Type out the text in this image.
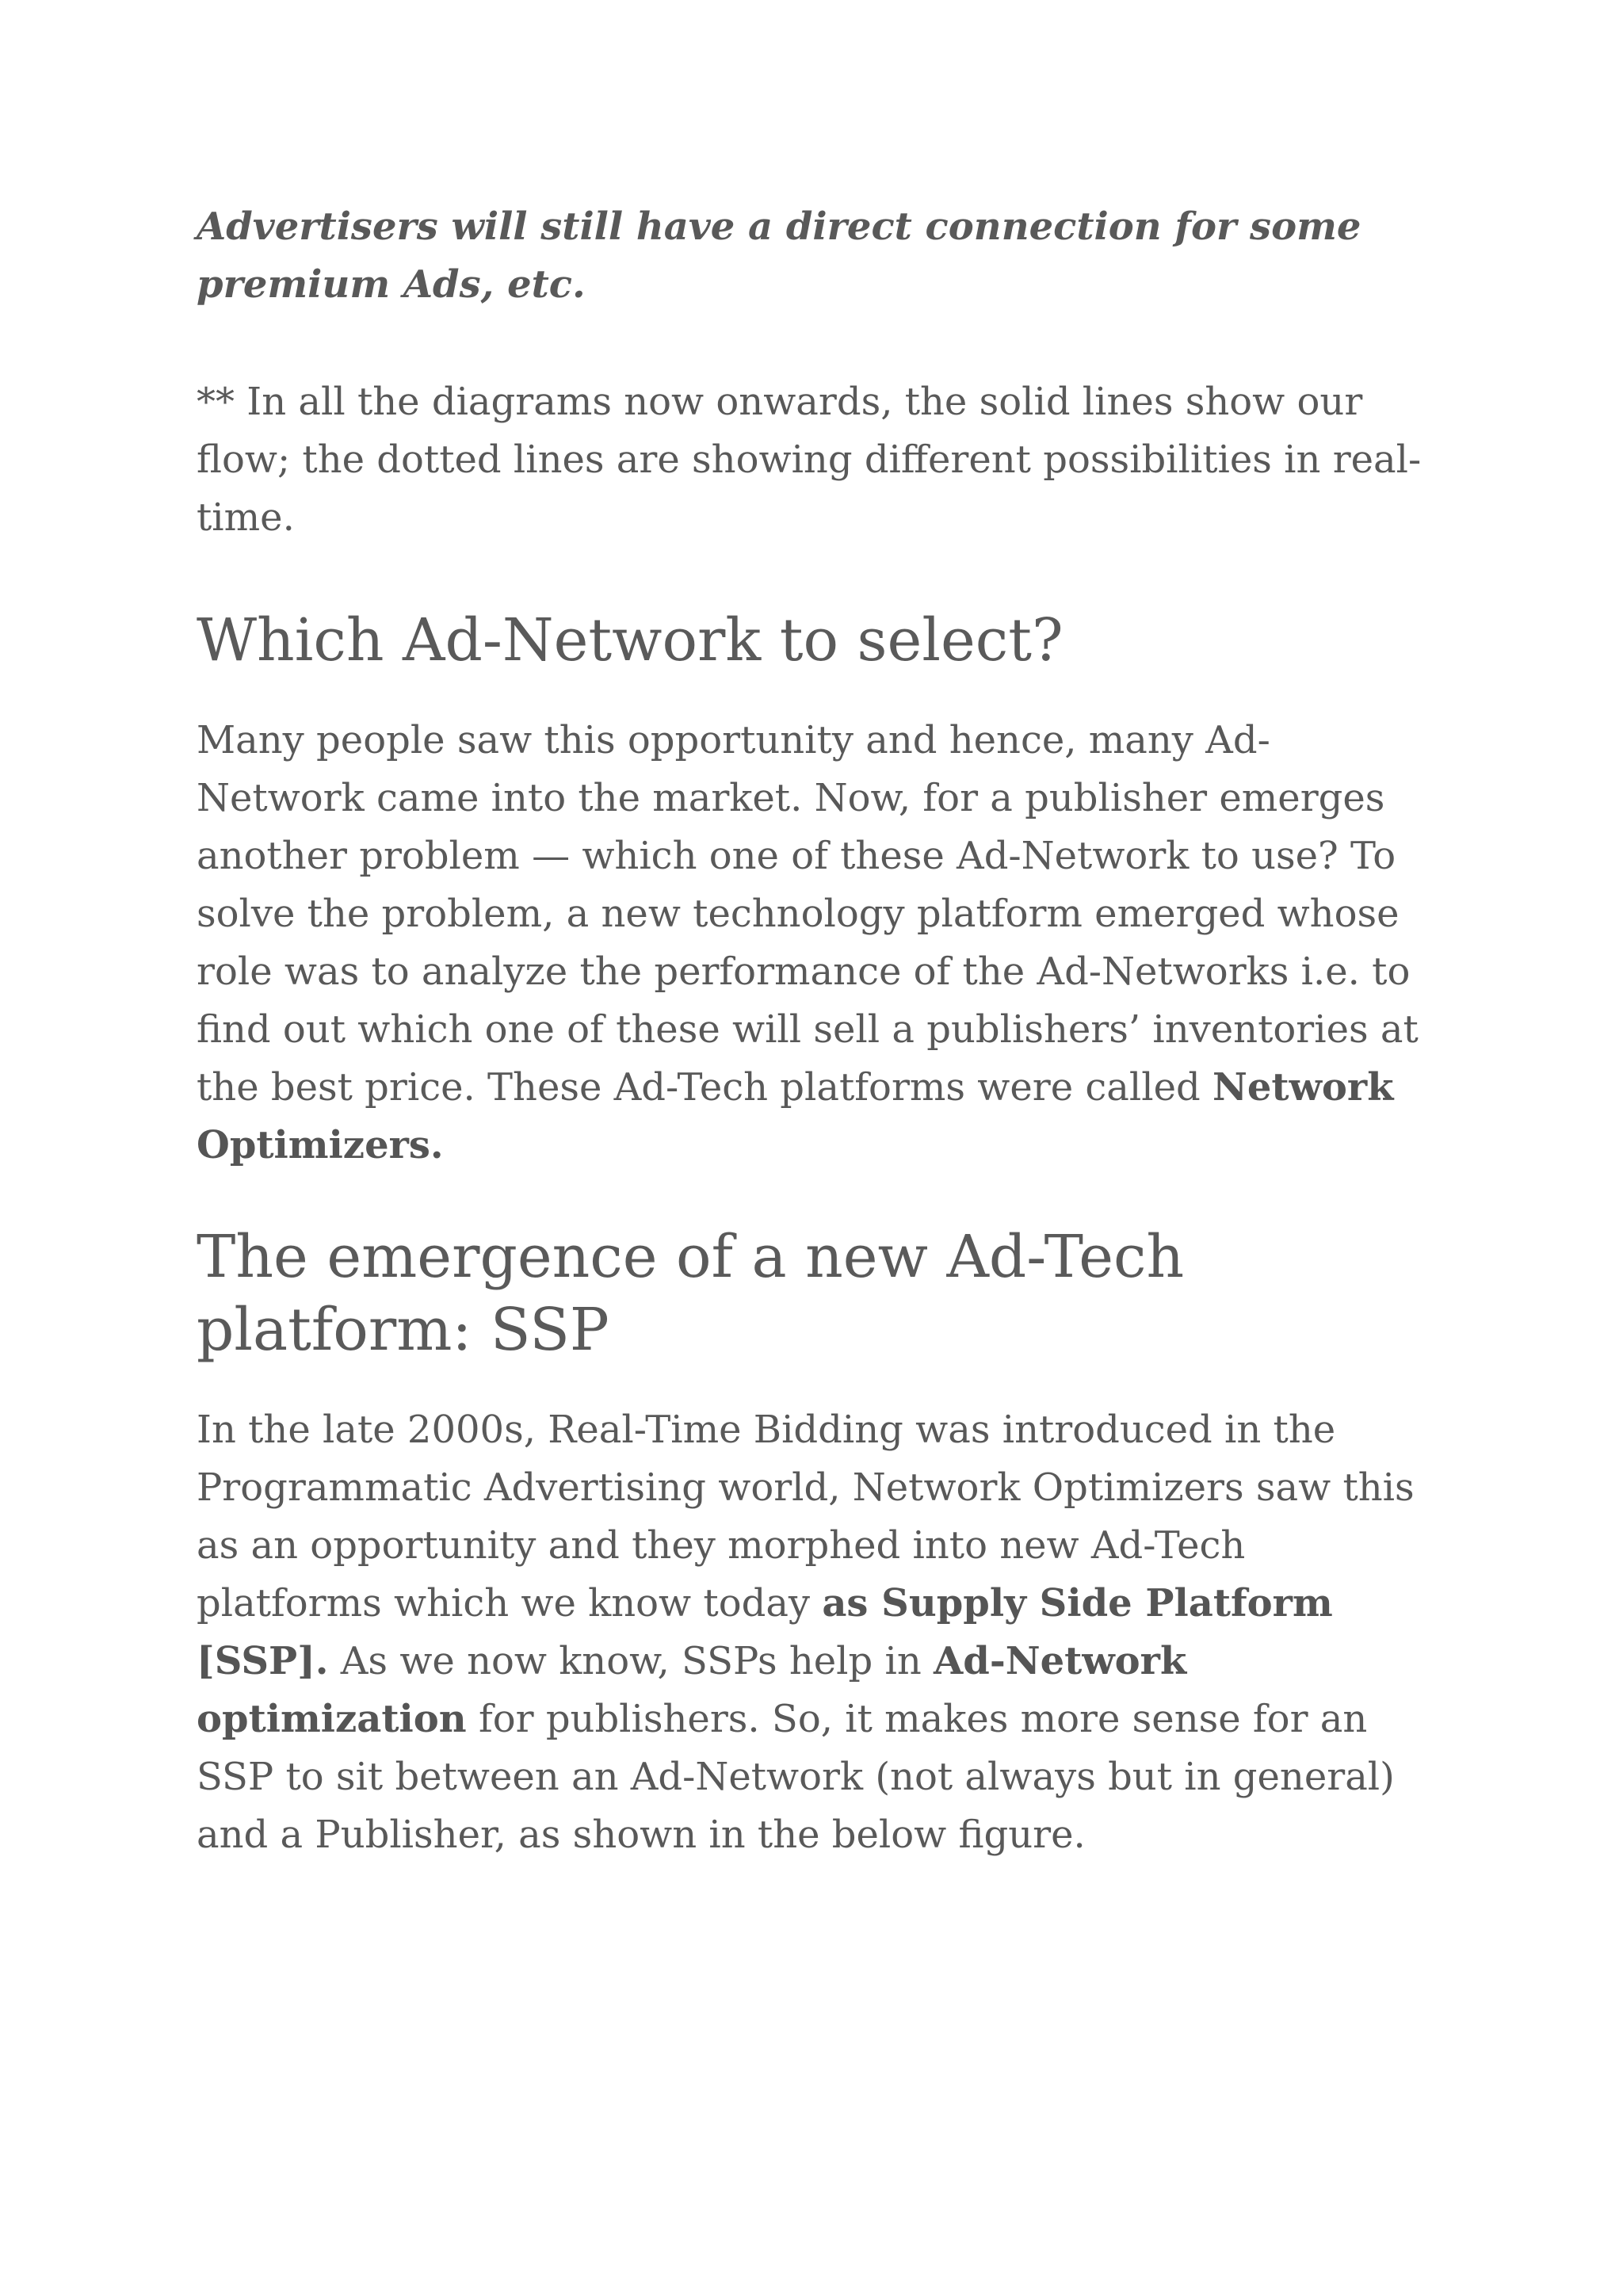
Advertisers will still have a direct connection for some premium Ads, etc.

** In all the diagrams now onwards, the solid lines show our flow; the dotted lines are showing different possibilities in real-time.

Which Ad-Network to select?

Many people saw this opportunity and hence, many Ad-Network came into the market. Now, for a publisher emerges another problem — which one of these Ad-Network to use? To solve the problem, a new technology platform emerged whose role was to analyze the performance of the Ad-Networks i.e. to find out which one of these will sell a publishers’ inventories at the best price. These Ad-Tech platforms were called Network Optimizers.

The emergence of a new Ad-Tech platform: SSP

In the late 2000s, Real-Time Bidding was introduced in the Programmatic Advertising world, Network Optimizers saw this as an opportunity and they morphed into new Ad-Tech platforms which we know today as Supply Side Platform [SSP]. As we now know, SSPs help in Ad-Network optimization for publishers. So, it makes more sense for an SSP to sit between an Ad-Network (not always but in general) and a Publisher, as shown in the below figure.
